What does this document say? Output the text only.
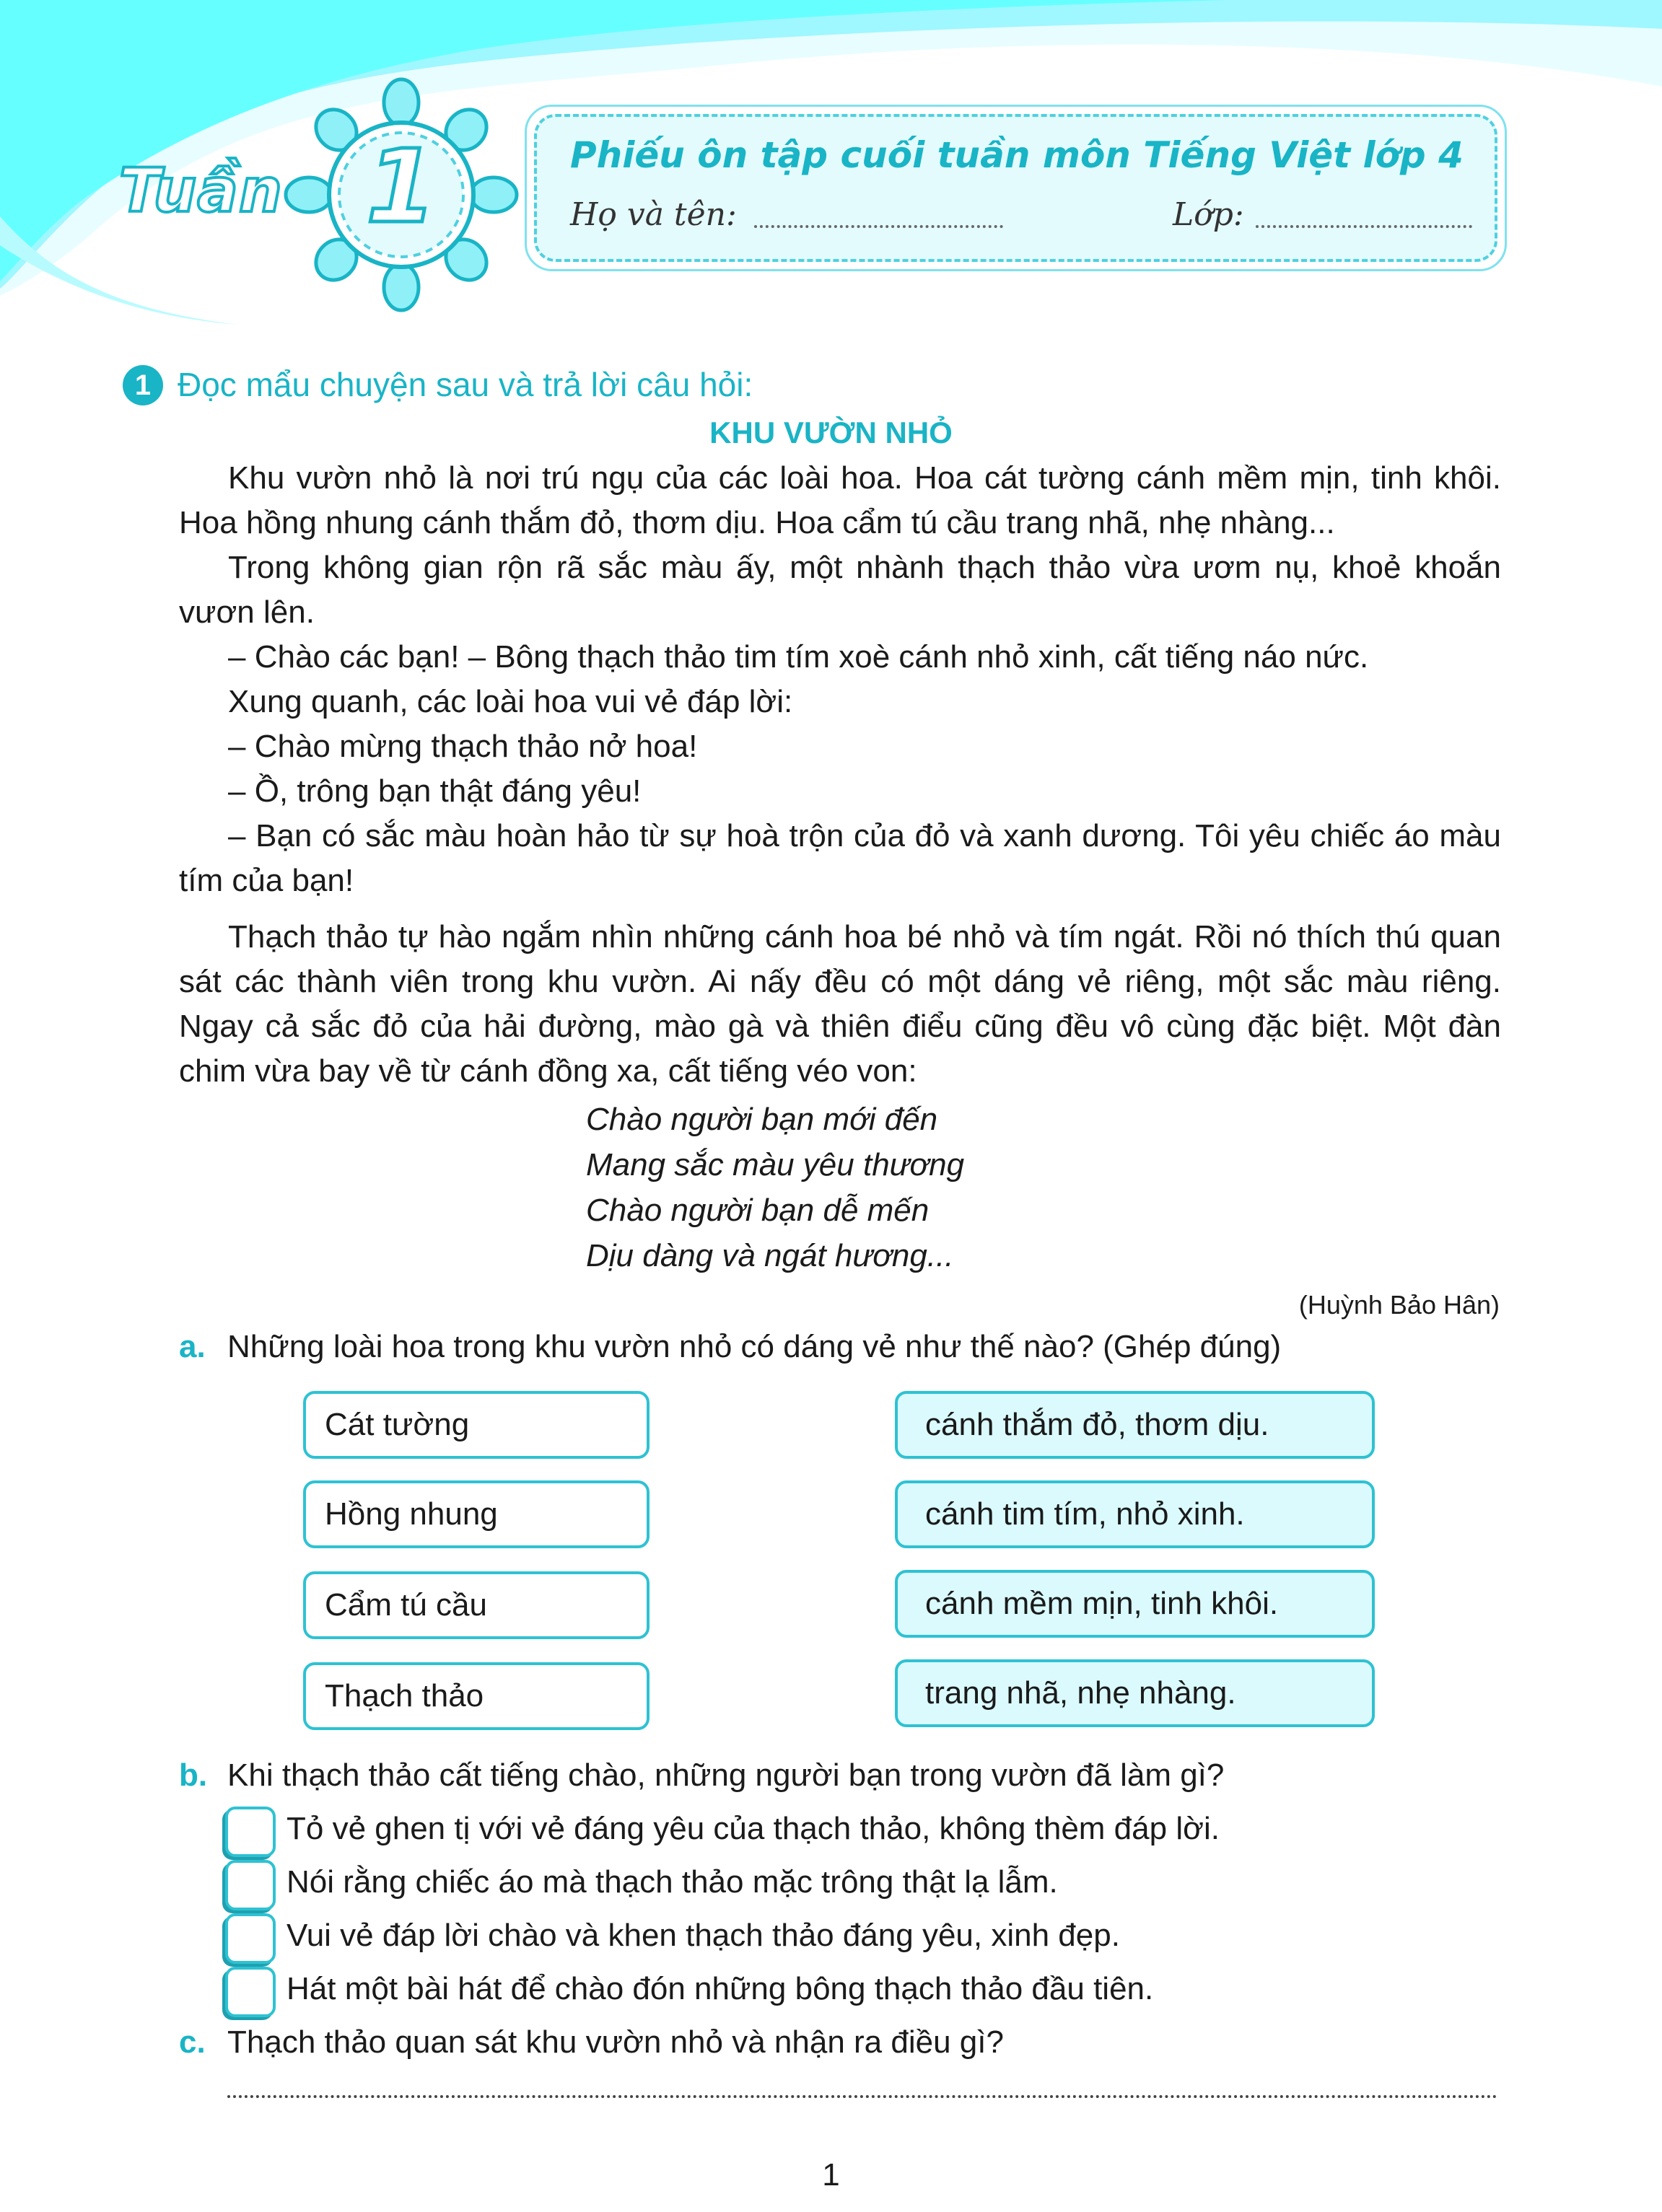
Tuần 1	Phiếu ôn tập cuối tuần môn Tiếng Việt lớp 4
Họ và tên:	Lớp:
1 Đọc mẩu chuyện sau và trả lời câu hỏi:
KHU VƯỜN NHỎ

Khu vườn nhỏ là nơi trú ngụ của các loài hoa. Hoa cát tường cánh mềm mịn, tinh khôi. Hoa hồng nhung cánh thắm đỏ, thơm dịu. Hoa cẩm tú cầu trang nhã, nhẹ nhàng...

Trong không gian rộn rã sắc màu ấy, một nhành thạch thảo vừa ươm nụ, khoẻ khoắn vươn lên.

– Chào các bạn! – Bông thạch thảo tim tím xoè cánh nhỏ xinh, cất tiếng náo nức.

Xung quanh, các loài hoa vui vẻ đáp lời:

– Chào mừng thạch thảo nở hoa!

– Ồ, trông bạn thật đáng yêu!

– Bạn có sắc màu hoàn hảo từ sự hoà trộn của đỏ và xanh dương. Tôi yêu chiếc áo màu tím của bạn!

Thạch thảo tự hào ngắm nhìn những cánh hoa bé nhỏ và tím ngát. Rồi nó thích thú quan sát các thành viên trong khu vườn. Ai nấy đều có một dáng vẻ riêng, một sắc màu riêng. Ngay cả sắc đỏ của hải đường, mào gà và thiên điểu cũng đều vô cùng đặc biệt. Một đàn chim vừa bay về từ cánh đồng xa, cất tiếng véo von:

Chào người bạn mới đến
Mang sắc màu yêu thương
Chào người bạn dễ mến
Dịu dàng và ngát hương...
(Huỳnh Bảo Hân)
a. Những loài hoa trong khu vườn nhỏ có dáng vẻ như thế nào? (Ghép đúng)
Cát tường
Hồng nhung
Cẩm tú cầu
Thạch thảo
cánh thắm đỏ, thơm dịu.
cánh tim tím, nhỏ xinh.
cánh mềm mịn, tinh khôi.
trang nhã, nhẹ nhàng.
b. Khi thạch thảo cất tiếng chào, những người bạn trong vườn đã làm gì?
Tỏ vẻ ghen tị với vẻ đáng yêu của thạch thảo, không thèm đáp lời.
Nói rằng chiếc áo mà thạch thảo mặc trông thật lạ lẫm.
Vui vẻ đáp lời chào và khen thạch thảo đáng yêu, xinh đẹp.
Hát một bài hát để chào đón những bông thạch thảo đầu tiên.
c. Thạch thảo quan sát khu vườn nhỏ và nhận ra điều gì?
1
